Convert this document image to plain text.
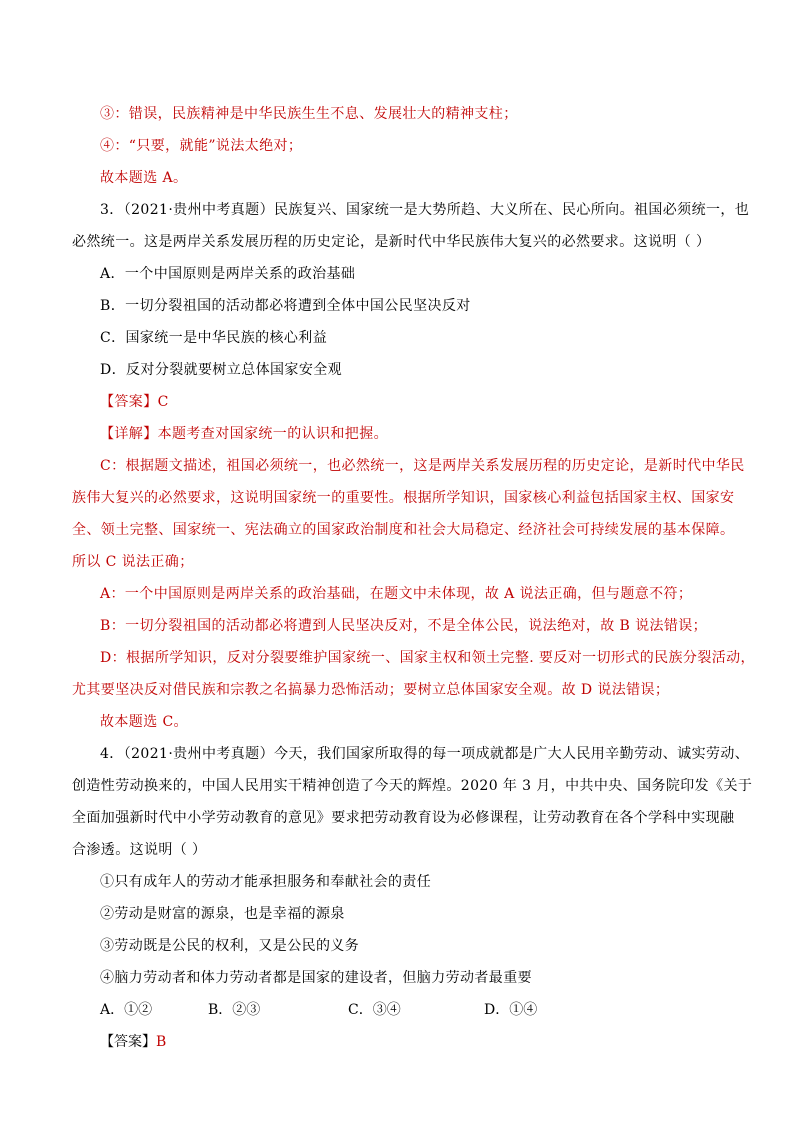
③：错误，民族精神是中华民族生生不息、发展壮大的精神支柱；
④：“只要，就能”说法太绝对；
故本题选 A。
3．（2021·贵州中考真题）民族复兴、国家统一是大势所趋、大义所在、民心所向。祖国必须统一，也
必然统一。这是两岸关系发展历程的历史定论，是新时代中华民族伟大复兴的必然要求。这说明（ ）
A．一个中国原则是两岸关系的政治基础
B．一切分裂祖国的活动都必将遭到全体中国公民坚决反对
C．国家统一是中华民族的核心利益
D．反对分裂就要树立总体国家安全观
【答案】C
【详解】本题考查对国家统一的认识和把握。
C：根据题文描述，祖国必须统一，也必然统一，这是两岸关系发展历程的历史定论，是新时代中华民
族伟大复兴的必然要求，这说明国家统一的重要性。根据所学知识，国家核心利益包括国家主权、国家安
全、领土完整、国家统一、宪法确立的国家政治制度和社会大局稳定、经济社会可持续发展的基本保障。
所以 C 说法正确；
A：一个中国原则是两岸关系的政治基础，在题文中未体现，故 A 说法正确，但与题意不符；
B：一切分裂祖国的活动都必将遭到人民坚决反对，不是全体公民，说法绝对，故 B 说法错误；
D：根据所学知识，反对分裂要维护国家统一、国家主权和领土完整. 要反对一切形式的民族分裂活动，
尤其要坚决反对借民族和宗教之名搞暴力恐怖活动；要树立总体国家安全观。故 D 说法错误；
故本题选 C。
4．（2021·贵州中考真题）今天，我们国家所取得的每一项成就都是广大人民用辛勤劳动、诚实劳动、
创造性劳动换来的，中国人民用实干精神创造了今天的辉煌。2020 年 3 月，中共中央、国务院印发《关于
全面加强新时代中小学劳动教育的意见》要求把劳动教育设为必修课程，让劳动教育在各个学科中实现融
合渗透。这说明（ ）
①只有成年人的劳动才能承担服务和奉献社会的责任
②劳动是财富的源泉，也是幸福的源泉
③劳动既是公民的权利，又是公民的义务
④脑力劳动者和体力劳动者都是国家的建设者，但脑力劳动者最重要
A．①②	B．②③	C．③④	D．①④
【答案】B
